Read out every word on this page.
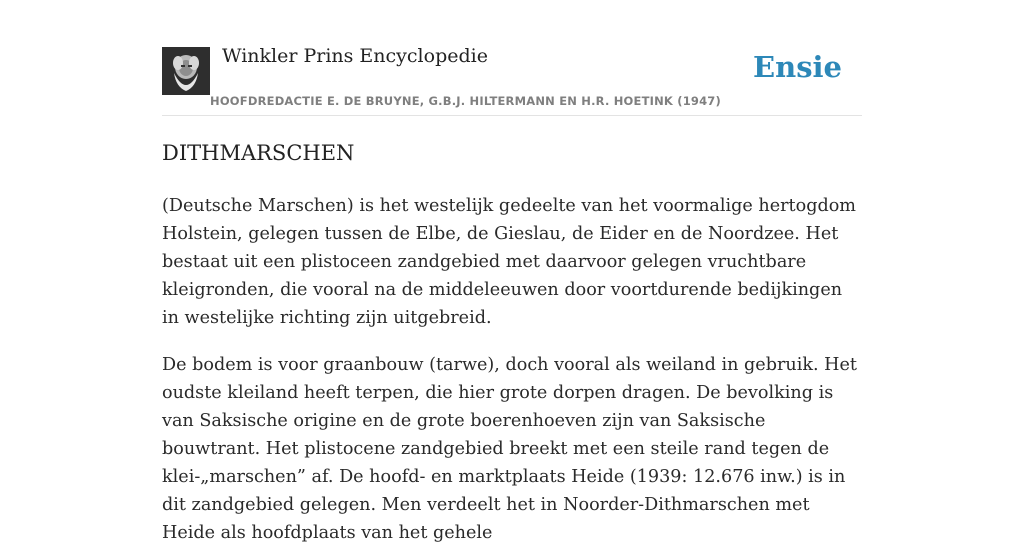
Winkler Prins Encyclopedie
HOOFDREDACTIE E. DE BRUYNE, G.B.J. HILTERMANN EN H.R. HOETINK (1947)
Ensie
DITHMARSCHEN

(Deutsche Marschen) is het westelijk gedeelte van het voormalige hertogdom Holstein, gelegen tussen de Elbe, de Gieslau, de Eider en de Noordzee. Het bestaat uit een plistoceen zandgebied met daarvoor gelegen vruchtbare kleigronden, die vooral na de middeleeuwen door voortdurende bedijkingen in westelijke richting zijn uitgebreid.

De bodem is voor graanbouw (tarwe), doch vooral als weiland in gebruik. Het oudste kleiland heeft terpen, die hier grote dorpen dragen. De bevolking is van Saksische origine en de grote boerenhoeven zijn van Saksische bouwtrant. Het plistocene zandgebied breekt met een steile rand tegen de klei-„marschen” af. De hoofd- en marktplaats Heide (1939: 12.676 inw.) is in dit zandgebied gelegen. Men verdeelt het in Noorder-Dithmarschen met Heide als hoofdplaats van het gehele
